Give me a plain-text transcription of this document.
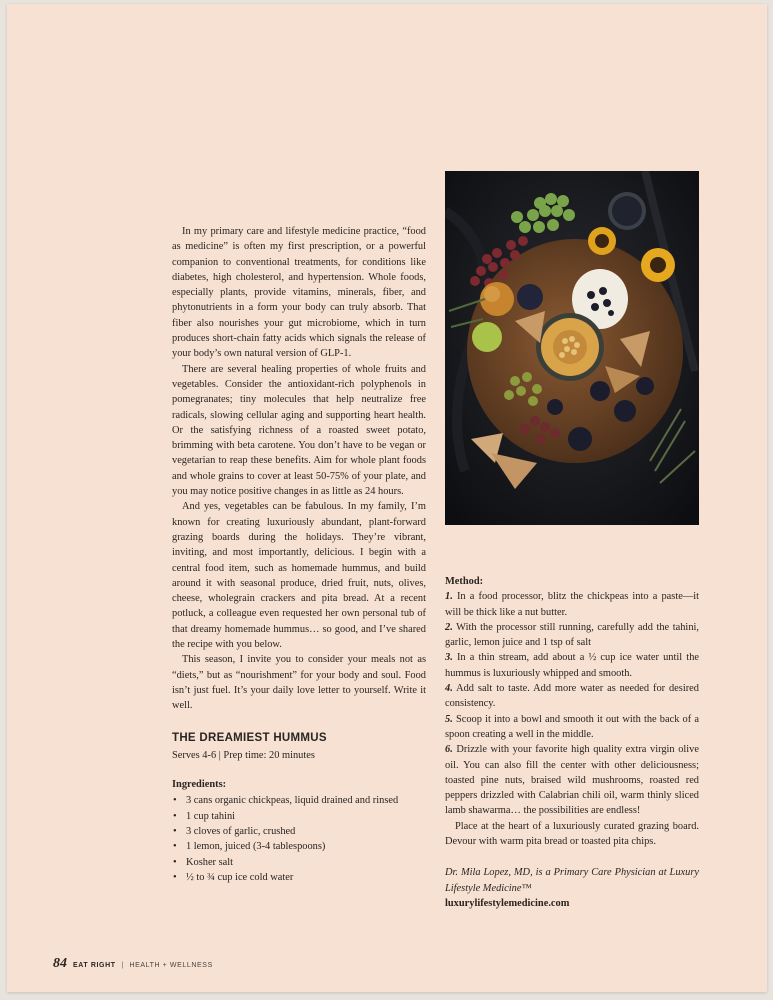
In my primary care and lifestyle medicine practice, “food as medicine” is often my first prescription, or a powerful companion to conventional treatments, for conditions like diabetes, high cholesterol, and hypertension. Whole foods, especially plants, provide vitamins, minerals, fiber, and phytonutrients in a form your body can truly absorb. That fiber also nourishes your gut microbiome, which in turn produces short-chain fatty acids which signals the release of your body’s own natural version of GLP-1.

There are several healing properties of whole fruits and vegetables. Consider the antioxidant-rich polyphenols in pomegranates; tiny molecules that help neutralize free radicals, slowing cellular aging and supporting heart health. Or the satisfying richness of a roasted sweet potato, brimming with beta carotene. You don’t have to be vegan or vegetarian to reap these benefits. Aim for whole plant foods and whole grains to cover at least 50-75% of your plate, and you may notice positive changes in as little as 24 hours.

And yes, vegetables can be fabulous. In my family, I’m known for creating luxuriously abundant, plant-forward grazing boards during the holidays. They’re vibrant, inviting, and most importantly, delicious. I begin with a central food item, such as homemade hummus, and build around it with seasonal produce, dried fruit, nuts, olives, cheese, wholegrain crackers and pita bread. At a recent potluck, a colleague even requested her own personal tub of that dreamy homemade hummus… so good, and I’ve shared the recipe with you below.

This season, I invite you to consider your meals not as “diets,” but as “nourishment” for your body and soul. Food isn’t just fuel. It’s your daily love letter to yourself. Write it well.

THE DREAMIEST HUMMUS
Serves 4-6 | Prep time: 20 minutes
Ingredients:
• 3 cans organic chickpeas, liquid drained and rinsed
• 1 cup tahini
• 3 cloves of garlic, crushed
• 1 lemon, juiced (3-4 tablespoons)
• Kosher salt
• ½ to ¾ cup ice cold water

Method:

1. In a food processor, blitz the chickpeas into a paste—it will be thick like a nut butter.

2. With the processor still running, carefully add the tahini, garlic, lemon juice and 1 tsp of salt

3. In a thin stream, add about a ½ cup ice water until the hummus is luxuriously whipped and smooth.

4. Add salt to taste. Add more water as needed for desired consistency.

5. Scoop it into a bowl and smooth it out with the back of a spoon creating a well in the middle.

6. Drizzle with your favorite high quality extra virgin olive oil. You can also fill the center with other deliciousness; toasted pine nuts, braised wild mushrooms, roasted red peppers drizzled with Calabrian chili oil, warm thinly sliced lamb shawarma… the possibilities are endless!

Place at the heart of a luxuriously curated grazing board. Devour with warm pita bread or toasted pita chips.

Dr. Mila Lopez, MD, is a Primary Care Physician at Luxury Lifestyle Medicine™
luxurylifestylemedicine.com
84 EAT RIGHT | HEALTH + WELLNESS
